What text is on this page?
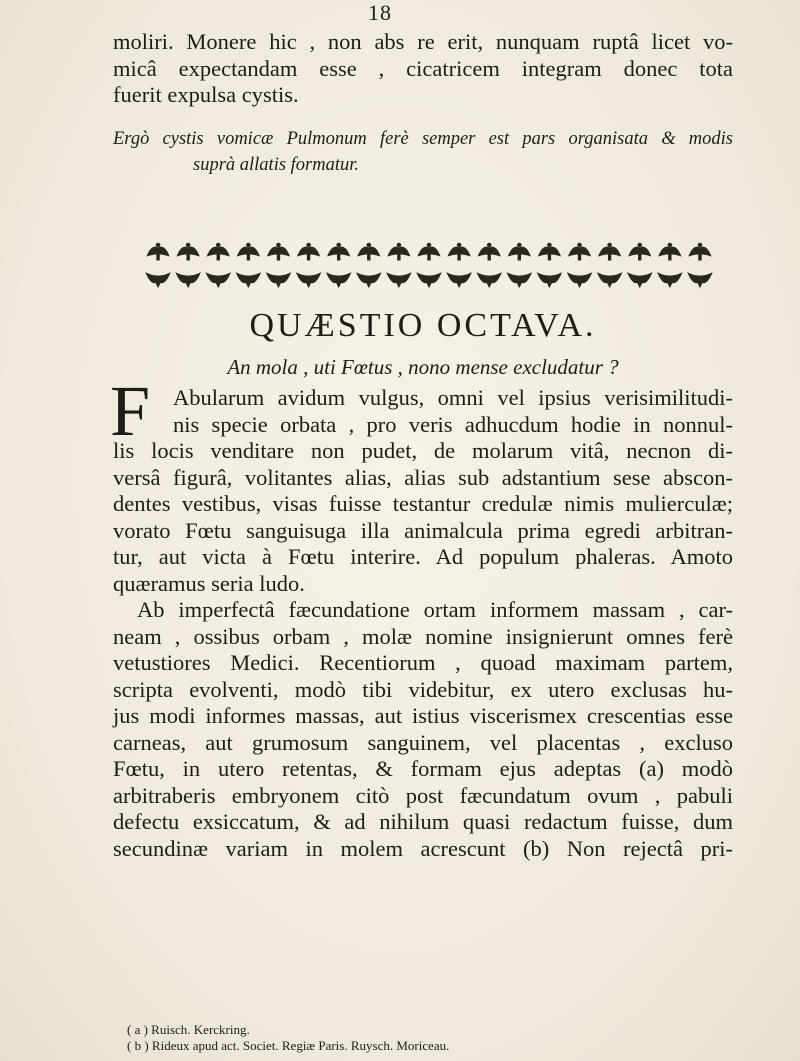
18
moliri. Monere hic , non abs re erit, nunquam ruptâ licet vo-
micâ expectandam esse , cicatricem integram donec tota
fuerit expulsa cystis.
Ergò cystis vomicæ Pulmonum ferè semper est pars organisata & modis
suprà allatis formatur.
QUÆSTIO OCTAVA.
An mola , uti Fœtus , nono mense excludatur ?
F	Abularum avidum vulgus, omni vel ipsius verisimilitudi-
nis specie orbata , pro veris adhucdum hodie in nonnul-
lis locis venditare non pudet, de molarum vitâ, necnon di-
versâ figurâ, volitantes alias, alias sub adstantium sese abscon-
dentes vestibus, visas fuisse testantur credulæ nimis mulierculæ;
vorato Fœtu sanguisuga illa animalcula prima egredi arbitran-
tur, aut victa à Fœtu interire. Ad populum phaleras. Amoto
quæramus seria ludo.
Ab imperfectâ fæcundatione ortam informem massam , car-
neam , ossibus orbam , molæ nomine insignierunt omnes ferè
vetustiores Medici. Recentiorum , quoad maximam partem,
scripta evolventi, modò tibi videbitur, ex utero exclusas hu-
jus modi informes massas, aut istius viscerismex crescentias esse
carneas, aut grumosum sanguinem, vel placentas , excluso
Fœtu, in utero retentas, & formam ejus adeptas (a) modò
arbitraberis embryonem citò post fæcundatum ovum , pabuli
defectu exsiccatum, & ad nihilum quasi redactum fuisse, dum
secundinæ variam in molem acrescunt (b) Non rejectâ pri-
( a ) Ruisch. Kerckring.
( b ) Rideux apud act. Societ. Regiæ Paris. Ruysch. Moriceau.
